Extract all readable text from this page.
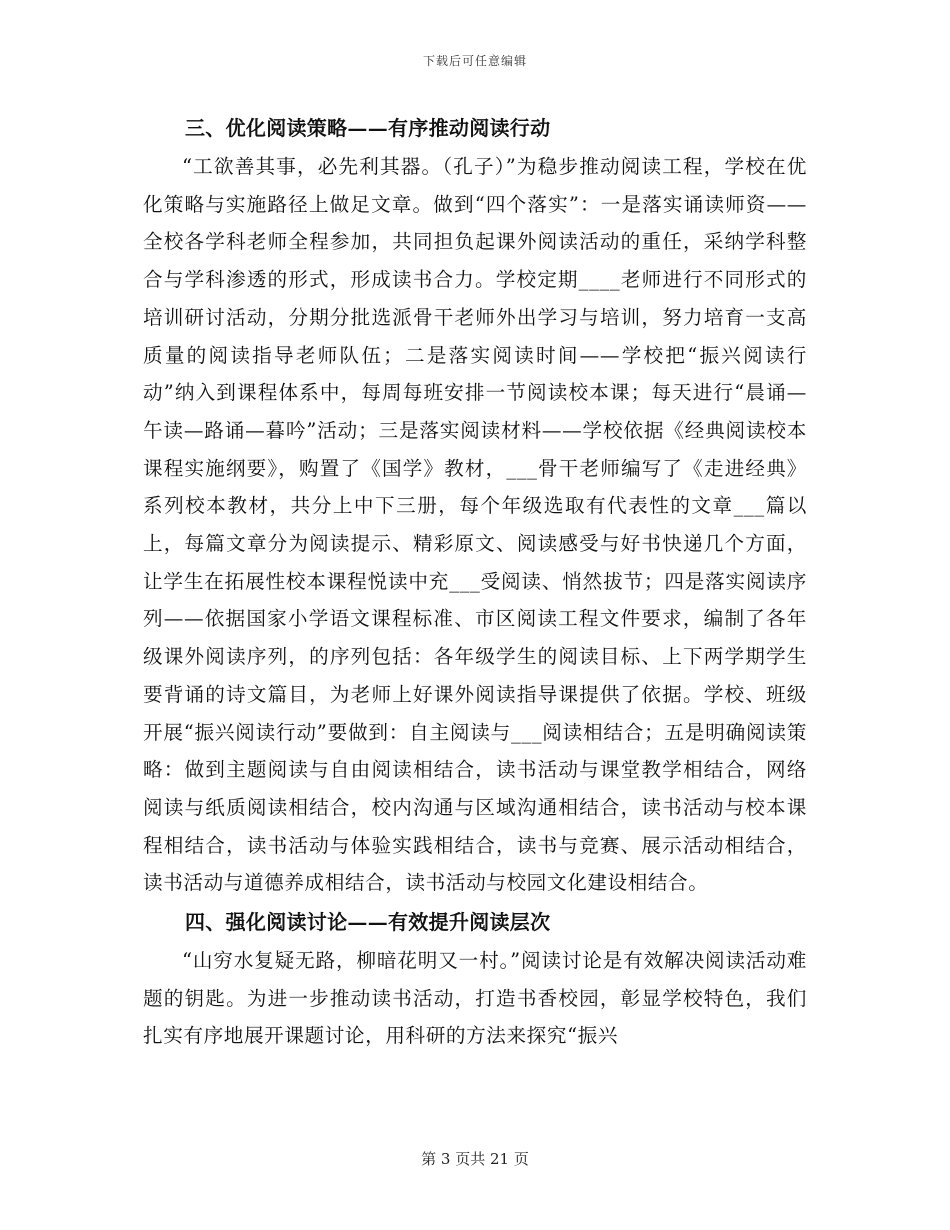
下载后可任意编辑
三、优化阅读策略——有序推动阅读行动

“工欲善其事，必先利其器。（孔子）”为稳步推动阅读工程，学校在优化策略与实施路径上做足文章。做到“四个落实”：一是落实诵读师资——全校各学科老师全程参加，共同担负起课外阅读活动的重任，采纳学科整合与学科渗透的形式，形成读书合力。学校定期____老师进行不同形式的培训研讨活动，分期分批选派骨干老师外出学习与培训，努力培育一支高质量的阅读指导老师队伍；二是落实阅读时间——学校把“振兴阅读行动”纳入到课程体系中，每周每班安排一节阅读校本课；每天进行“晨诵—午读—路诵—暮吟”活动；三是落实阅读材料——学校依据《经典阅读校本课程实施纲要》，购置了《国学》教材，___骨干老师编写了《走进经典》系列校本教材，共分上中下三册，每个年级选取有代表性的文章___篇以上，每篇文章分为阅读提示、精彩原文、阅读感受与好书快递几个方面，让学生在拓展性校本课程悦读中充___受阅读、悄然拔节；四是落实阅读序列——依据国家小学语文课程标准、市区阅读工程文件要求，编制了各年级课外阅读序列，的序列包括：各年级学生的阅读目标、上下两学期学生要背诵的诗文篇目，为老师上好课外阅读指导课提供了依据。学校、班级开展“振兴阅读行动”要做到：自主阅读与___阅读相结合；五是明确阅读策略：做到主题阅读与自由阅读相结合，读书活动与课堂教学相结合，网络阅读与纸质阅读相结合，校内沟通与区域沟通相结合，读书活动与校本课程相结合，读书活动与体验实践相结合，读书与竞赛、展示活动相结合，读书活动与道德养成相结合，读书活动与校园文化建设相结合。

四、强化阅读讨论——有效提升阅读层次

“山穷水复疑无路，柳暗花明又一村。”阅读讨论是有效解决阅读活动难题的钥匙。为进一步推动读书活动，打造书香校园，彰显学校特色，我们扎实有序地展开课题讨论，用科研的方法来探究“振兴

第 3 页共 21 页
